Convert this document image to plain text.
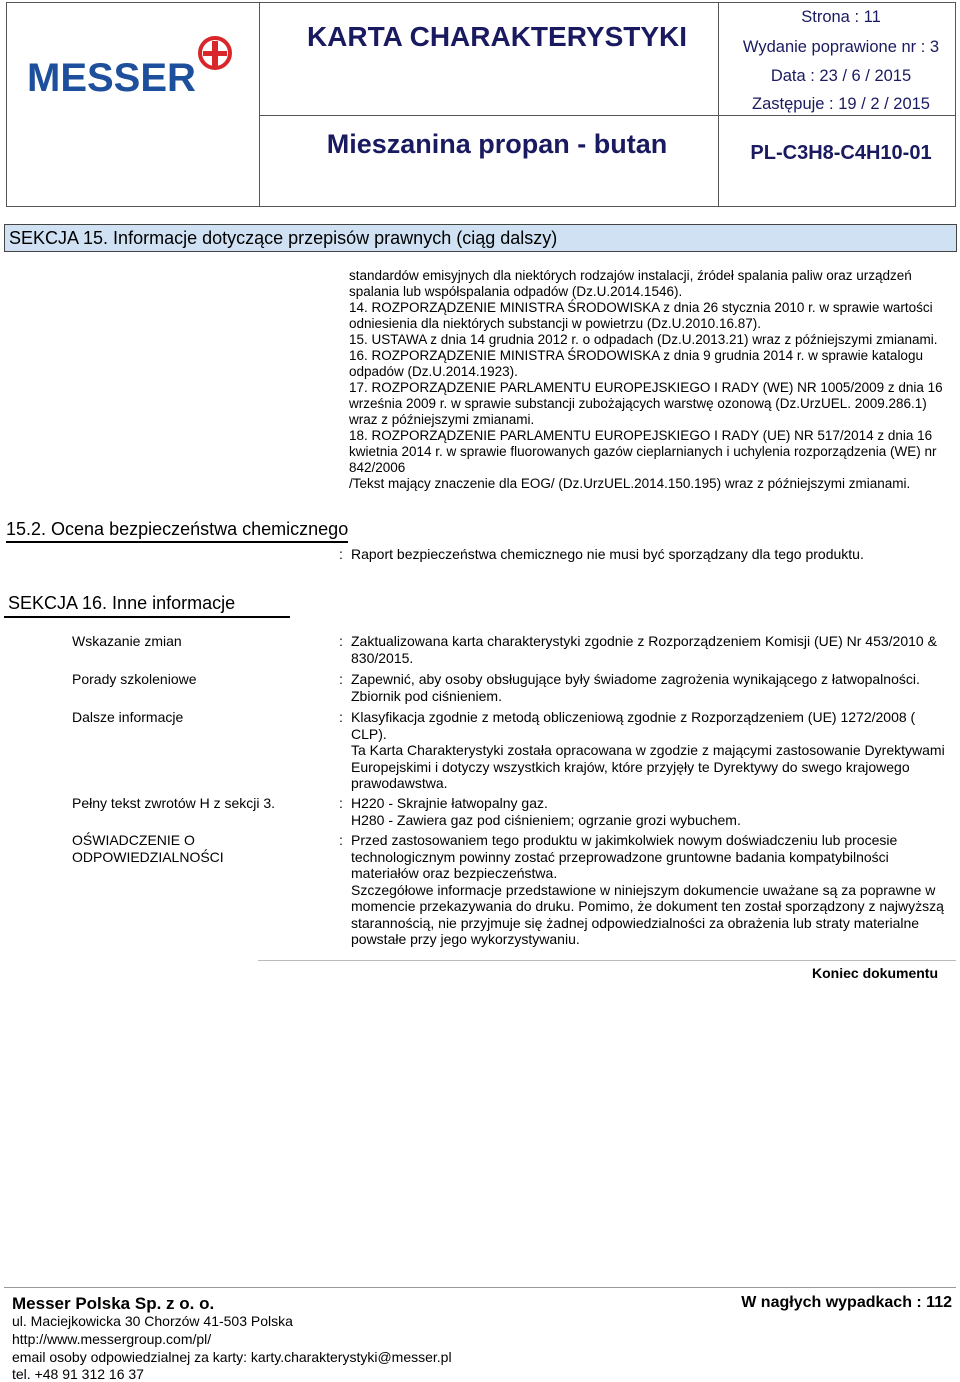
MESSER
KARTA CHARAKTERYSTYKI
Mieszanina propan - butan
Strona : 11
Wydanie poprawione nr : 3
Data : 23 / 6 / 2015
Zastępuje : 19 / 2 / 2015
PL-C3H8-C4H10-01
SEKCJA 15. Informacje dotyczące przepisów prawnych (ciąg dalszy)

standardów emisyjnych dla niektórych rodzajów instalacji, źródeł spalania paliw oraz urządzeń spalania lub współspalania odpadów (Dz.U.2014.1546).

14. ROZPORZĄDZENIE MINISTRA ŚRODOWISKA z dnia 26 stycznia 2010 r. w sprawie wartości odniesienia dla niektórych substancji w powietrzu (Dz.U.2010.16.87).

15. USTAWA z dnia 14 grudnia 2012 r. o odpadach (Dz.U.2013.21) wraz z późniejszymi zmianami.

16. ROZPORZĄDZENIE MINISTRA ŚRODOWISKA z dnia 9 grudnia 2014 r. w sprawie katalogu odpadów (Dz.U.2014.1923).

17. ROZPORZĄDZENIE PARLAMENTU EUROPEJSKIEGO I RADY (WE) NR 1005/2009 z dnia 16 września 2009 r. w sprawie substancji zubożających warstwę ozonową (Dz.UrzUEL. 2009.286.1) wraz z późniejszymi zmianami.

18. ROZPORZĄDZENIE PARLAMENTU EUROPEJSKIEGO I RADY (UE) NR 517/2014 z dnia 16 kwietnia 2014 r. w sprawie fluorowanych gazów cieplarnianych i uchylenia rozporządzenia (WE) nr 842/2006

/Tekst mający znaczenie dla EOG/ (Dz.UrzUEL.2014.150.195) wraz z późniejszymi zmianami.

15.2. Ocena bezpieczeństwa chemicznego
: Raport bezpieczeństwa chemicznego nie musi być sporządzany dla tego produktu.
SEKCJA 16. Inne informacje
Wskazanie zmian	: Zaktualizowana karta charakterystyki zgodnie z Rozporządzeniem Komisji (UE) Nr 453/2010 & 830/2015.

Porady szkoleniowe	: Zapewnić, aby osoby obsługujące były świadome zagrożenia wynikającego z łatwopalności. Zbiornik pod ciśnieniem.

Dalsze informacje	: Klasyfikacja zgodnie z metodą obliczeniową zgodnie z Rozporządzeniem (UE) 1272/2008 ( CLP).

Ta Karta Charakterystyki została opracowana w zgodzie z mającymi zastosowanie Dyrektywami Europejskimi i dotyczy wszystkich krajów, które przyjęły te Dyrektywy do swego krajowego prawodawstwa.

Pełny tekst zwrotów H z sekcji 3.	: H220 - Skrajnie łatwopalny gaz.

H280 - Zawiera gaz pod ciśnieniem; ogrzanie grozi wybuchem.

OŚWIADCZENIE O ODPOWIEDZIALNOŚCI
: Przed zastosowaniem tego produktu w jakimkolwiek nowym doświadczeniu lub procesie technologicznym powinny zostać przeprowadzone gruntowne badania kompatybilności materiałów oraz bezpieczeństwa.

Szczegółowe informacje przedstawione w niniejszym dokumencie uważane są za poprawne w momencie przekazywania do druku. Pomimo, że dokument ten został sporządzony z najwyższą starannością, nie przyjmuje się żadnej odpowiedzialności za obrażenia lub straty materialne powstałe przy jego wykorzystywaniu.

Koniec dokumentu
Messer Polska Sp. z o. o.	W nagłych wypadkach : 112
ul. Maciejkowicka 30 Chorzów 41-503 Polska
http://www.messergroup.com/pl/
email osoby odpowiedzialnej za karty: karty.charakterystyki@messer.pl
tel. +48 91 312 16 37
